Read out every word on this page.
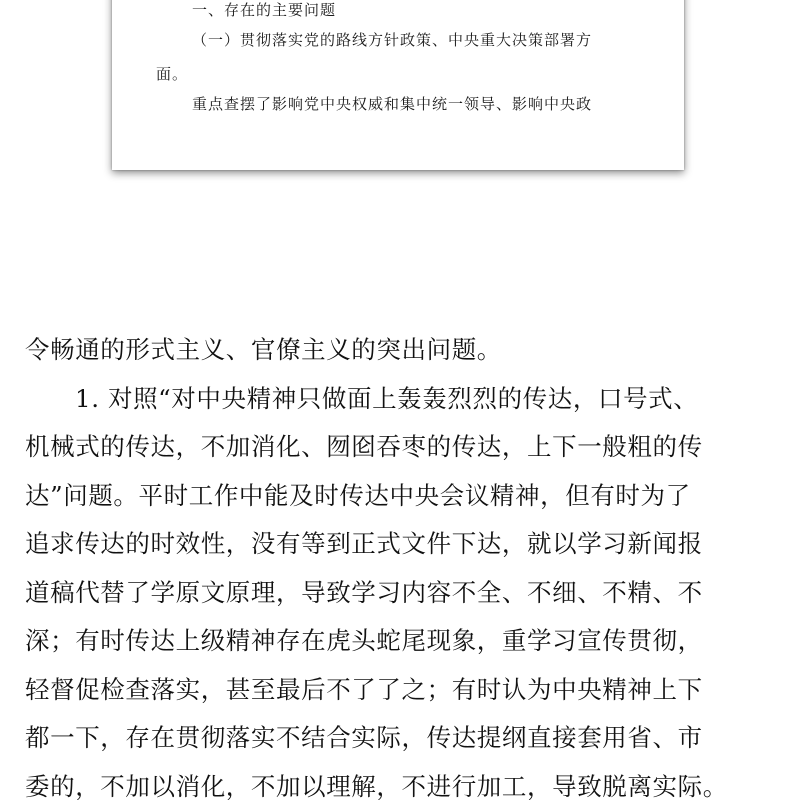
一、存在的主要问题
（一）贯彻落实党的路线方针政策、中央重大决策部署方
面。
重点查摆了影响党中央权威和集中统一领导、影响中央政
令畅通的形式主义、官僚主义的突出问题。
1. 对照“对中央精神只做面上轰轰烈烈的传达，口号式、
机械式的传达，不加消化、囫囵吞枣的传达，上下一般粗的传
达”问题。平时工作中能及时传达中央会议精神，但有时为了
追求传达的时效性，没有等到正式文件下达，就以学习新闻报
道稿代替了学原文原理，导致学习内容不全、不细、不精、不
深；有时传达上级精神存在虎头蛇尾现象，重学习宣传贯彻，
轻督促检查落实，甚至最后不了了之；有时认为中央精神上下
都一下，存在贯彻落实不结合实际，传达提纲直接套用省、市
委的，不加以消化，不加以理解，不进行加工，导致脱离实际。
